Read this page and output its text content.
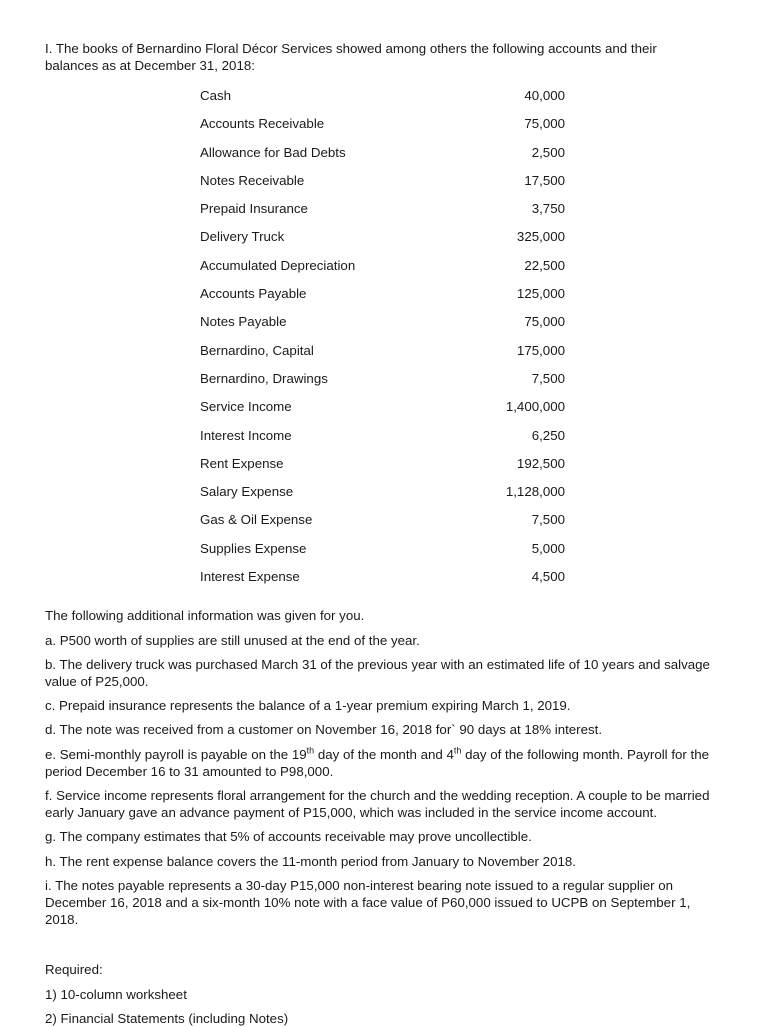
I. The books of Bernardino Floral Décor Services showed among others the following accounts and their balances as at December 31, 2018:

Cash	40,000
Accounts Receivable	75,000
Allowance for Bad Debts	2,500
Notes Receivable	17,500
Prepaid Insurance	3,750
Delivery Truck	325,000
Accumulated Depreciation	22,500
Accounts Payable	125,000
Notes Payable	75,000
Bernardino, Capital	175,000
Bernardino, Drawings	7,500
Service Income	1,400,000
Interest Income	6,250
Rent Expense	192,500
Salary Expense	1,128,000
Gas & Oil Expense	7,500
Supplies Expense	5,000
Interest Expense	4,500

The following additional information was given for you.

a. P500 worth of supplies are still unused at the end of the year.

b. The delivery truck was purchased March 31 of the previous year with an estimated life of 10 years and salvage value of P25,000.

c. Prepaid insurance represents the balance of a 1-year premium expiring March 1, 2019.

d. The note was received from a customer on November 16, 2018 for` 90 days at 18% interest.

e. Semi-monthly payroll is payable on the 19th day of the month and 4th day of the following month. Payroll for the period December 16 to 31 amounted to P98,000.

f. Service income represents floral arrangement for the church and the wedding reception. A couple to be married early January gave an advance payment of P15,000, which was included in the service income account.

g. The company estimates that 5% of accounts receivable may prove uncollectible.

h. The rent expense balance covers the 11-month period from January to November 2018.

i. The notes payable represents a 30-day P15,000 non-interest bearing note issued to a regular supplier on December 16, 2018 and a six-month 10% note with a face value of P60,000 issued to UCPB on September 1, 2018.

Required:

1) 10-column worksheet

2) Financial Statements (including Notes)
